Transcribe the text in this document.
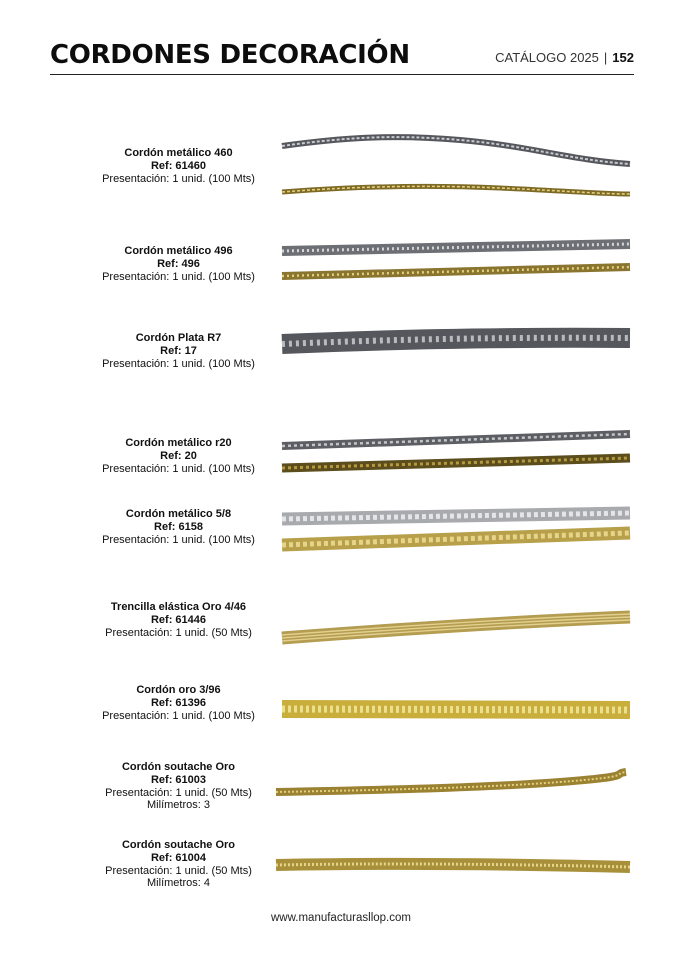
CORDONES DECORACIÓN	CATÁLOGO 2025 | 152
Cordón metálico 460
Ref: 61460
Presentación: 1 unid. (100 Mts)
Cordón metálico 496
Ref: 496
Presentación: 1 unid. (100 Mts)
Cordón Plata R7
Ref: 17
Presentación: 1 unid. (100 Mts)
Cordón metálico r20
Ref: 20
Presentación: 1 unid. (100 Mts)
Cordón metálico 5/8
Ref: 6158
Presentación: 1 unid. (100 Mts)
Trencilla elástica Oro 4/46
Ref: 61446
Presentación: 1 unid. (50 Mts)
Cordón oro 3/96
Ref: 61396
Presentación: 1 unid. (100 Mts)
Cordón soutache Oro
Ref: 61003
Presentación: 1 unid. (50 Mts)
Milímetros: 3
Cordón soutache Oro
Ref: 61004
Presentación: 1 unid. (50 Mts)
Milímetros: 4
www.manufacturasllop.com
